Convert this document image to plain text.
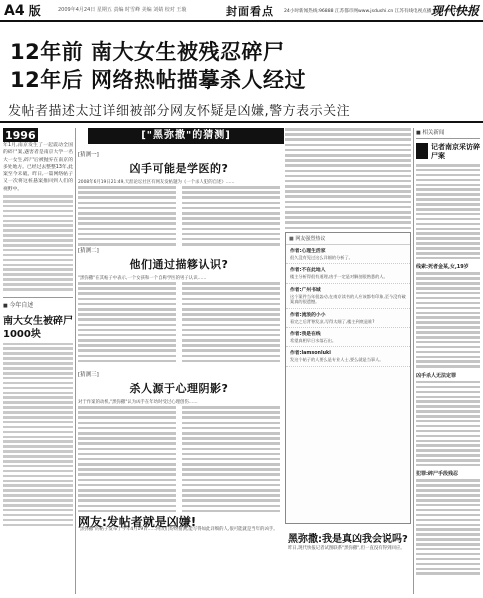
A4 版	2009年4月24日 星期五 责编 时雪峰 美编 刘婧 校对 王璇	封面看点 24小时新闻热线:96888 江苏都市网www.jsdushi.cn 江苏有线电视点播 (100-69-12)
现代快报
12年前 南大女生被残忍碎尸
12年后 网络热帖描摹杀人经过
发帖者描述太过详细被部分网友怀疑是凶嫌,警方表示关注
1996
年1月,南京发生了一起震动全国的碎尸案,遇害者是南京大学一名大一女生,碎尸后被抛弃在南京的多处地方。已经过去整整13年,此案至今未破。昨日,一篇网络帖子又一次将这桩悬案推回到人们的视野中。
■ 今年自述
南大女生被碎尸1000块
["黑弥撒"的猜测]
[猜测一]
凶手可能是学医的?
2008年6月19日21:49,天涯论坛社区有网友发帖题为《一个杀人犯的自述》……
[猜测二]
他们通过描簃认识?
"黑弥撒"在其帖子中表示,一个女孩和一个自称学医的男子认识……
[猜测三]
杀人源于心理阴影?
对于作案的动机,"黑弥撒"认为凶手在年幼时受过心理创伤……
网友:发帖者就是凶嫌!
"黑弥撒"的帖子发布于今年4月19日……网友们纷纷猜测,能写得如此详细的人,很可能就是当年的凶手。
■ 网友强烈热议
作者:心理生活家
很久没有见过这么详细的分析了。
作者:不在此地人
楼主分析得很有道理,凶手一定是对解剖很熟悉的人。
作者:广州书城
这个案件当年很轰动,在南京读书的人应该都有印象,至今没有破案真的很遗憾。
作者:流浪的小小
看完之后背脊发凉,写得太细了,楼主到底是谁?
作者:我是在线
希望真相早日水落石出。
作者:lamsonluki
发这个帖子的人要么是专业人士,要么就是当事人。
黑弥撒:我是真凶我会说吗?
昨日,现代快报记者试图联系"黑弥撒",但一直没有得到回应。
■ 相关新闻
记者南京采访碎尸案
线索:死者金某,女,19岁
凶手杀人无法定罪
犯罪:碎尸手段残忍
